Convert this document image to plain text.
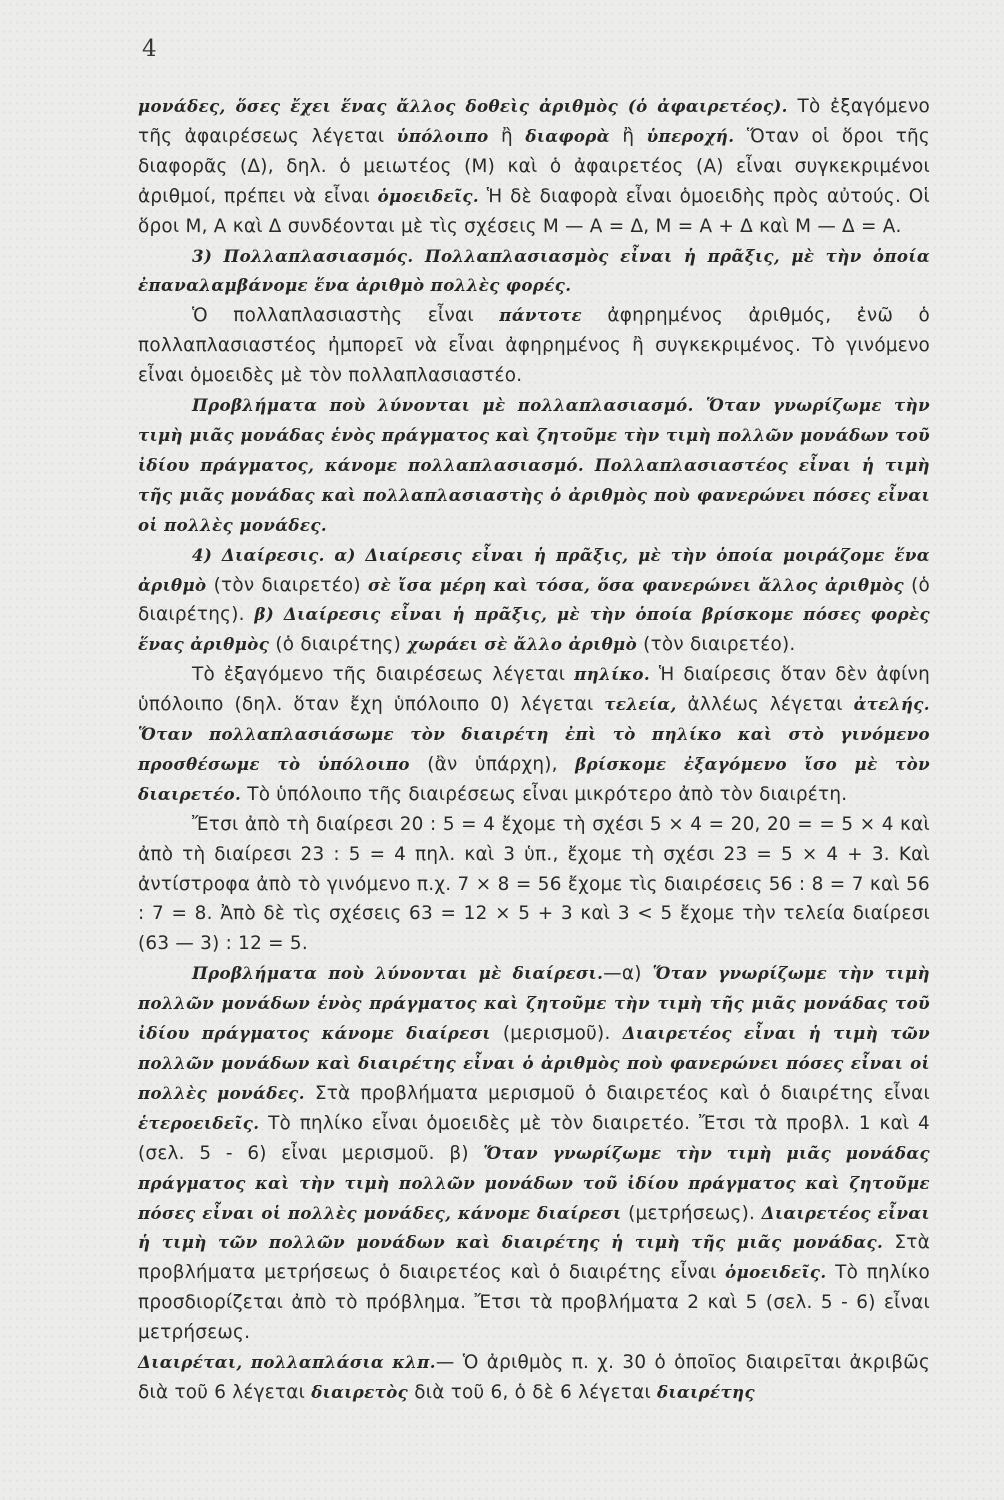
4

μονάδες, ὅσες ἔχει ἕνας ἄλλος δοθεὶς ἀριθμὸς (ὁ ἀφαιρετέος). Τὸ ἐξαγόμενο τῆς ἀφαιρέσεως λέγεται ὑπόλοιπο ἢ διαφορὰ ἢ ὑπεροχή. Ὅταν οἱ ὅροι τῆς διαφορᾶς (Δ), δηλ. ὁ μειωτέος (Μ) καὶ ὁ ἀφαιρετέος (Α) εἶναι συγκεκριμένοι ἀριθμοί, πρέπει νὰ εἶναι ὁμοειδεῖς. Ἡ δὲ διαφορὰ εἶναι ὁμοειδὴς πρὸς αὐτούς. Οἱ ὅροι Μ, Α καὶ Δ συνδέονται μὲ τὶς σχέσεις Μ — Α = Δ, Μ = Α + Δ καὶ Μ — Δ = Α.

3) Πολλαπλασιασμός. Πολλαπλασιασμὸς εἶναι ἡ πρᾶξις, μὲ τὴν ὁποία ἐπαναλαμβάνομε ἕνα ἀριθμὸ πολλὲς φορές.

Ὁ πολλαπλασιαστὴς εἶναι πάντοτε ἀφηρημένος ἀριθμός, ἐνῶ ὁ πολλαπλασιαστέος ἠμπορεῖ νὰ εἶναι ἀφηρημένος ἢ συγκεκριμένος. Τὸ γινόμενο εἶναι ὁμοειδὲς μὲ τὸν πολλαπλασιαστέο.

Προβλήματα ποὺ λύνονται μὲ πολλαπλασιασμό. Ὅταν γνωρίζωμε τὴν τιμὴ μιᾶς μονάδας ἑνὸς πράγματος καὶ ζητοῦμε τὴν τιμὴ πολλῶν μονάδων τοῦ ἰδίου πράγματος, κάνομε πολλαπλασιασμό. Πολλαπλασιαστέος εἶναι ἡ τιμὴ τῆς μιᾶς μονάδας καὶ πολλαπλασιαστὴς ὁ ἀριθμὸς ποὺ φανερώνει πόσες εἶναι οἱ πολλὲς μονάδες.

4) Διαίρεσις. α) Διαίρεσις εἶναι ἡ πρᾶξις, μὲ τὴν ὁποία μοιράζομε ἕνα ἀριθμὸ (τὸν διαιρετέο) σὲ ἴσα μέρη καὶ τόσα, ὅσα φανερώνει ἄλλος ἀριθμὸς (ὁ διαιρέτης). β) Διαίρεσις εἶναι ἡ πρᾶξις, μὲ τὴν ὁποία βρίσκομε πόσες φορὲς ἕνας ἀριθμὸς (ὁ διαιρέτης) χωράει σὲ ἄλλο ἀριθμὸ (τὸν διαιρετέο).

Τὸ ἐξαγόμενο τῆς διαιρέσεως λέγεται πηλίκο. Ἡ διαίρεσις ὅταν δὲν ἀφίνη ὑπόλοιπο (δηλ. ὅταν ἔχη ὑπόλοιπο 0) λέγεται τελεία, ἀλλέως λέγεται ἀτελής. Ὅταν πολλαπλασιάσωμε τὸν διαιρέτη ἐπὶ τὸ πηλίκο καὶ στὸ γινόμενο προσθέσωμε τὸ ὑπόλοιπο (ἂν ὑπάρχη), βρίσκομε ἐξαγόμενο ἴσο μὲ τὸν διαιρετέο. Τὸ ὑπόλοιπο τῆς διαιρέσεως εἶναι μικρότερο ἀπὸ τὸν διαιρέτη.

Ἔτσι ἀπὸ τὴ διαίρεσι 20 : 5 = 4 ἔχομε τὴ σχέσι 5 × 4 = 20, 20 = = 5 × 4 καὶ ἀπὸ τὴ διαίρεσι 23 : 5 = 4 πηλ. καὶ 3 ὑπ., ἔχομε τὴ σχέσι 23 = 5 × 4 + 3. Καὶ ἀντίστροφα ἀπὸ τὸ γινόμενο π.χ. 7 × 8 = 56 ἔχομε τὶς διαιρέσεις 56 : 8 = 7 καὶ 56 : 7 = 8. Ἀπὸ δὲ τὶς σχέσεις 63 = 12 × 5 + 3 καὶ 3 < 5 ἔχομε τὴν τελεία διαίρεσι (63 — 3) : 12 = 5.

Προβλήματα ποὺ λύνονται μὲ διαίρεσι.—α) Ὅταν γνωρίζωμε τὴν τιμὴ πολλῶν μονάδων ἑνὸς πράγματος καὶ ζητοῦμε τὴν τιμὴ τῆς μιᾶς μονάδας τοῦ ἰδίου πράγματος κάνομε διαίρεσι (μερισμοῦ). Διαιρετέος εἶναι ἡ τιμὴ τῶν πολλῶν μονάδων καὶ διαιρέτης εἶναι ὁ ἀριθμὸς ποὺ φανερώνει πόσες εἶναι οἱ πολλὲς μονάδες. Στὰ προβλήματα μερισμοῦ ὁ διαιρετέος καὶ ὁ διαιρέτης εἶναι ἑτεροειδεῖς. Τὸ πηλίκο εἶναι ὁμοειδὲς μὲ τὸν διαιρετέο. Ἔτσι τὰ προβλ. 1 καὶ 4 (σελ. 5 - 6) εἶναι μερισμοῦ. β) Ὅταν γνωρίζωμε τὴν τιμὴ μιᾶς μονάδας πράγματος καὶ τὴν τιμὴ πολλῶν μονάδων τοῦ ἰδίου πράγματος καὶ ζητοῦμε πόσες εἶναι οἱ πολλὲς μονάδες, κάνομε διαίρεσι (μετρήσεως). Διαιρετέος εἶναι ἡ τιμὴ τῶν πολλῶν μονάδων καὶ διαιρέτης ἡ τιμὴ τῆς μιᾶς μονάδας. Στὰ προβλήματα μετρήσεως ὁ διαιρετέος καὶ ὁ διαιρέτης εἶναι ὁμοειδεῖς. Τὸ πηλίκο προσδιορίζεται ἀπὸ τὸ πρόβλημα. Ἔτσι τὰ προβλήματα 2 καὶ 5 (σελ. 5 - 6) εἶναι μετρήσεως.

Διαιρέται, πολλαπλάσια κλπ.— Ὁ ἀριθμὸς π. χ. 30 ὁ ὁποῖος διαιρεῖται ἀκριβῶς διὰ τοῦ 6 λέγεται διαιρετὸς διὰ τοῦ 6, ὁ δὲ 6 λέγεται διαιρέτης
